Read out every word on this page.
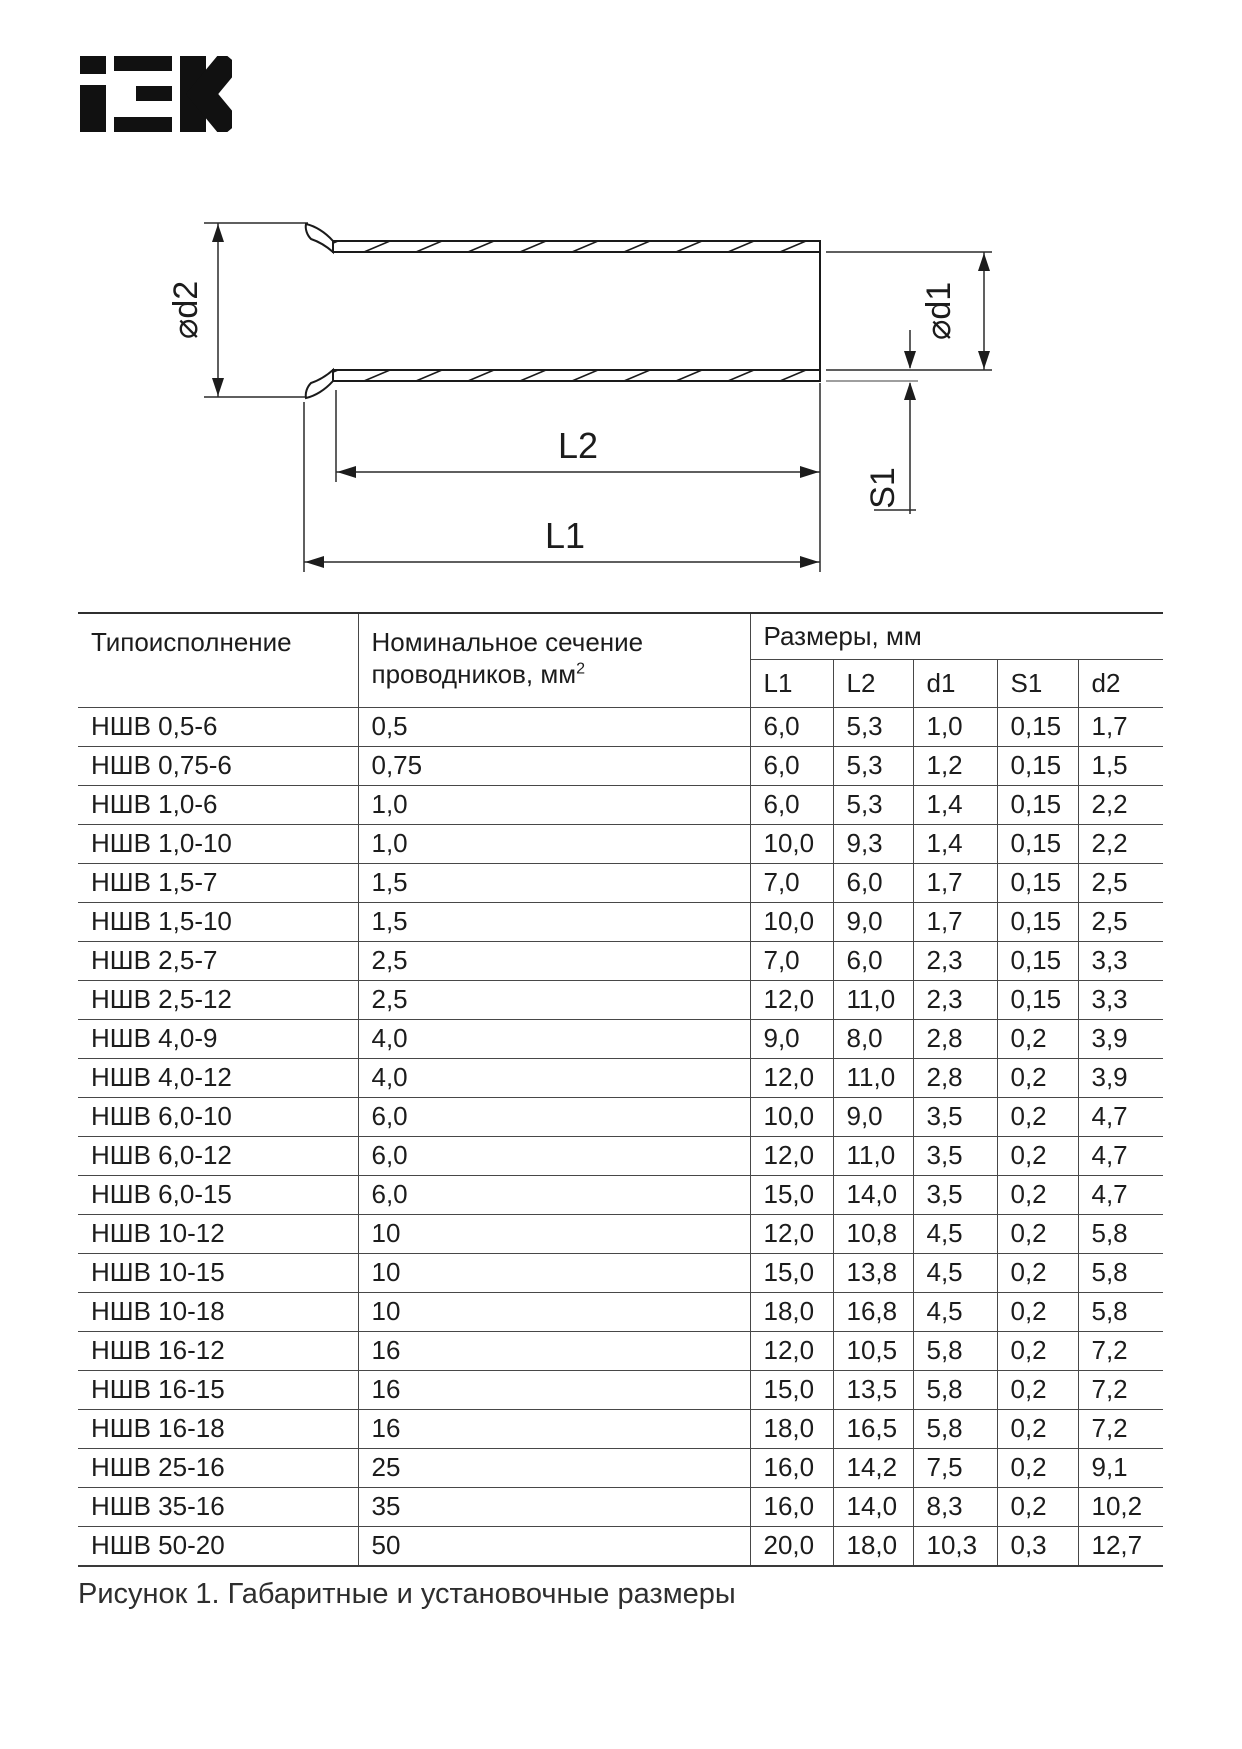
⌀d2	⌀d1
S1
L2
L1
Типоисполнение	Номинальное сечение проводников, $мм^2$	Размеры, мм				
		L1	L2	d1	S1	d2
НШВ 0,5-6	0,5	6,0	5,3	1,0	0,15	1,7
НШВ 0,75-6	0,75	6,0	5,3	1,2	0,15	1,5
НШВ 1,0-6	1,0	6,0	5,3	1,4	0,15	2,2
НШВ 1,0-10	1,0	10,0	9,3	1,4	0,15	2,2
НШВ 1,5-7	1,5	7,0	6,0	1,7	0,15	2,5
НШВ 1,5-10	1,5	10,0	9,0	1,7	0,15	2,5
НШВ 2,5-7	2,5	7,0	6,0	2,3	0,15	3,3
НШВ 2,5-12	2,5	12,0	11,0	2,3	0,15	3,3
НШВ 4,0-9	4,0	9,0	8,0	2,8	0,2	3,9
НШВ 4,0-12	4,0	12,0	11,0	2,8	0,2	3,9
НШВ 6,0-10	6,0	10,0	9,0	3,5	0,2	4,7
НШВ 6,0-12	6,0	12,0	11,0	3,5	0,2	4,7
НШВ 6,0-15	6,0	15,0	14,0	3,5	0,2	4,7
НШВ 10-12	10	12,0	10,8	4,5	0,2	5,8
НШВ 10-15	10	15,0	13,8	4,5	0,2	5,8
НШВ 10-18	10	18,0	16,8	4,5	0,2	5,8
НШВ 16-12	16	12,0	10,5	5,8	0,2	7,2
НШВ 16-15	16	15,0	13,5	5,8	0,2	7,2
НШВ 16-18	16	18,0	16,5	5,8	0,2	7,2
НШВ 25-16	25	16,0	14,2	7,5	0,2	9,1
НШВ 35-16	35	16,0	14,0	8,3	0,2	10,2
НШВ 50-20	50	20,0	18,0	10,3	0,3	12,7
Рисунок 1. Габаритные и установочные размеры
